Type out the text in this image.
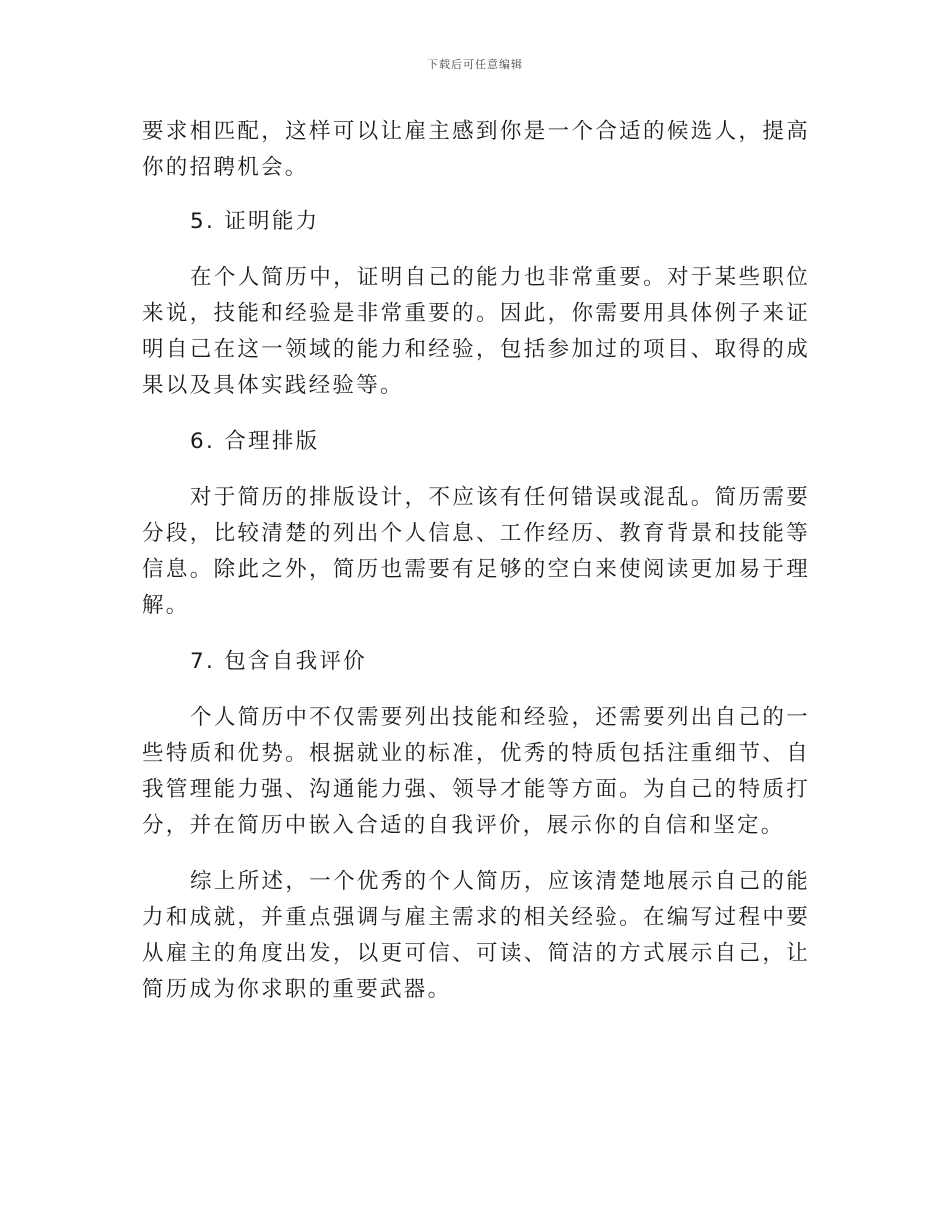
下载后可任意编辑

要求相匹配，这样可以让雇主感到你是一个合适的候选人，提高你的招聘机会。

5. 证明能力

在个人简历中，证明自己的能力也非常重要。对于某些职位来说，技能和经验是非常重要的。因此，你需要用具体例子来证明自己在这一领域的能力和经验，包括参加过的项目、取得的成果以及具体实践经验等。

6. 合理排版

对于简历的排版设计，不应该有任何错误或混乱。简历需要分段，比较清楚的列出个人信息、工作经历、教育背景和技能等信息。除此之外，简历也需要有足够的空白来使阅读更加易于理解。

7. 包含自我评价

个人简历中不仅需要列出技能和经验，还需要列出自己的一些特质和优势。根据就业的标准，优秀的特质包括注重细节、自我管理能力强、沟通能力强、领导才能等方面。为自己的特质打分，并在简历中嵌入合适的自我评价，展示你的自信和坚定。

综上所述，一个优秀的个人简历，应该清楚地展示自己的能力和成就，并重点强调与雇主需求的相关经验。在编写过程中要从雇主的角度出发，以更可信、可读、简洁的方式展示自己，让简历成为你求职的重要武器。
